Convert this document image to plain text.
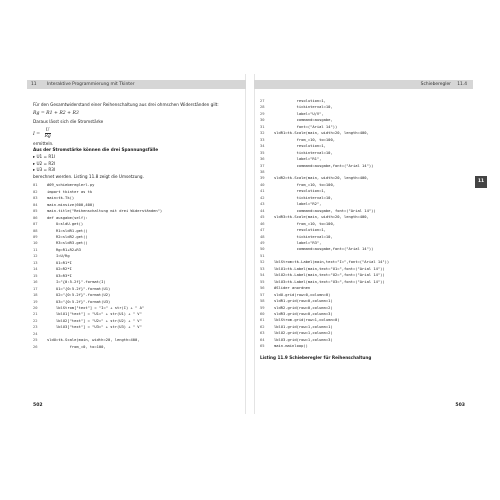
11 Interaktive Programmierung mit Tkinter

Für den Gesamtwiderstand einer Reihenschaltung aus drei ohmschen Widerständen gilt:

Rg = R1 + R2 + R3

Daraus lässt sich die Stromstärke

$I = \frac{U}{Rg}$

ermitteln.

Aus der Stromstärke können die drei Spannungsfälle

▸ U1 = R1I
▸ U2 = R2I
▸ U3 = R3I

berechnet werden. Listing 11.8 zeigt die Umsetzung.

01	#09_schiebereglerl.py
02	import tkinter as tk
03	main=tk.Tk()
04	main.minsize(600,400)
05	main.title("Reihenschaltung mit drei Widerständen")
06	def ausgabe(self):
07	U=sldU.get()
08	R1=sldR1.get()
09	R2=sldR2.get()
10	R3=sldR3.get()
11	Rg=R1+R2+R3
12	I=U/Rg
13	U1=R1*I
14	U2=R2*I
15	U3=R3*I
16	I="{0:5.2f}".format(I)
17	U1="{0:5.2f}".format(U1)
18	U2="{0:5.2f}".format(U2)
19	U3="{0:5.2f}".format(U3)
20	lblStrom["text"] = "I=" + str(I) + " A"
21	lblU1["text"] = "U1=" + str(U1) + " V"
22	lblU2["text"] = "U2=" + str(U2) + " V"
23	lblU3["text"] = "U3=" + str(U3) + " V"
24
25	sldU=tk.Scale(main, width=20, length=400,
26	from_=0, to=100,
502
Schieberegler 11.4
27	resolution=1,
28	tickinterval=10,
29	label="U/V",
30	command=ausgabe,
31	font=("Arial 14"))
32	sldR1=tk.Scale(main, width=20, length=400,
33	from_=10, to=100,
34	resolution=1,
35	tickinterval=10,
36	label="R1",
37	command=ausgabe,font=("Arial 14"))
38
39	sldR2=tk.Scale(main, width=20, length=400,
40	from_=10, to=100,
41	resolution=1,
42	tickinterval=10,
43	label="R2",
44	command=ausgabe, font=("Arial 14"))
45	sldR3=tk.Scale(main, width=20, length=400,
46	from_=10, to=100,
47	resolution=1,
48	tickinterval=10,
49	label="R3",
50	command=ausgabe,font=("Arial 14"))
51
52	lblStrom=tk.Label(main,text="I=",font=("Arial 14"))
53	lblU1=tk.Label(main,text="U1=",font=("Arial 14"))
54	lblU2=tk.Label(main,text="U2=",font=("Arial 14"))
55	lblU3=tk.Label(main,text="U3=",font=("Arial 14"))
56	#Slider anordnen
57	sldU.grid(row=0,column=0)
58	sldR1.grid(row=0,column=1)
59	sldR2.grid(row=0,column=2)
60	sldR3.grid(row=0,column=3)
61	lblStrom.grid(row=1,column=0)
62	lblU1.grid(row=1,column=1)
63	lblU2.grid(row=1,column=2)
64	lblU3.grid(row=1,column=3)
65	main.mainloop()
Listing 11.9 Schieberegler für Reihenschaltung
503
11
